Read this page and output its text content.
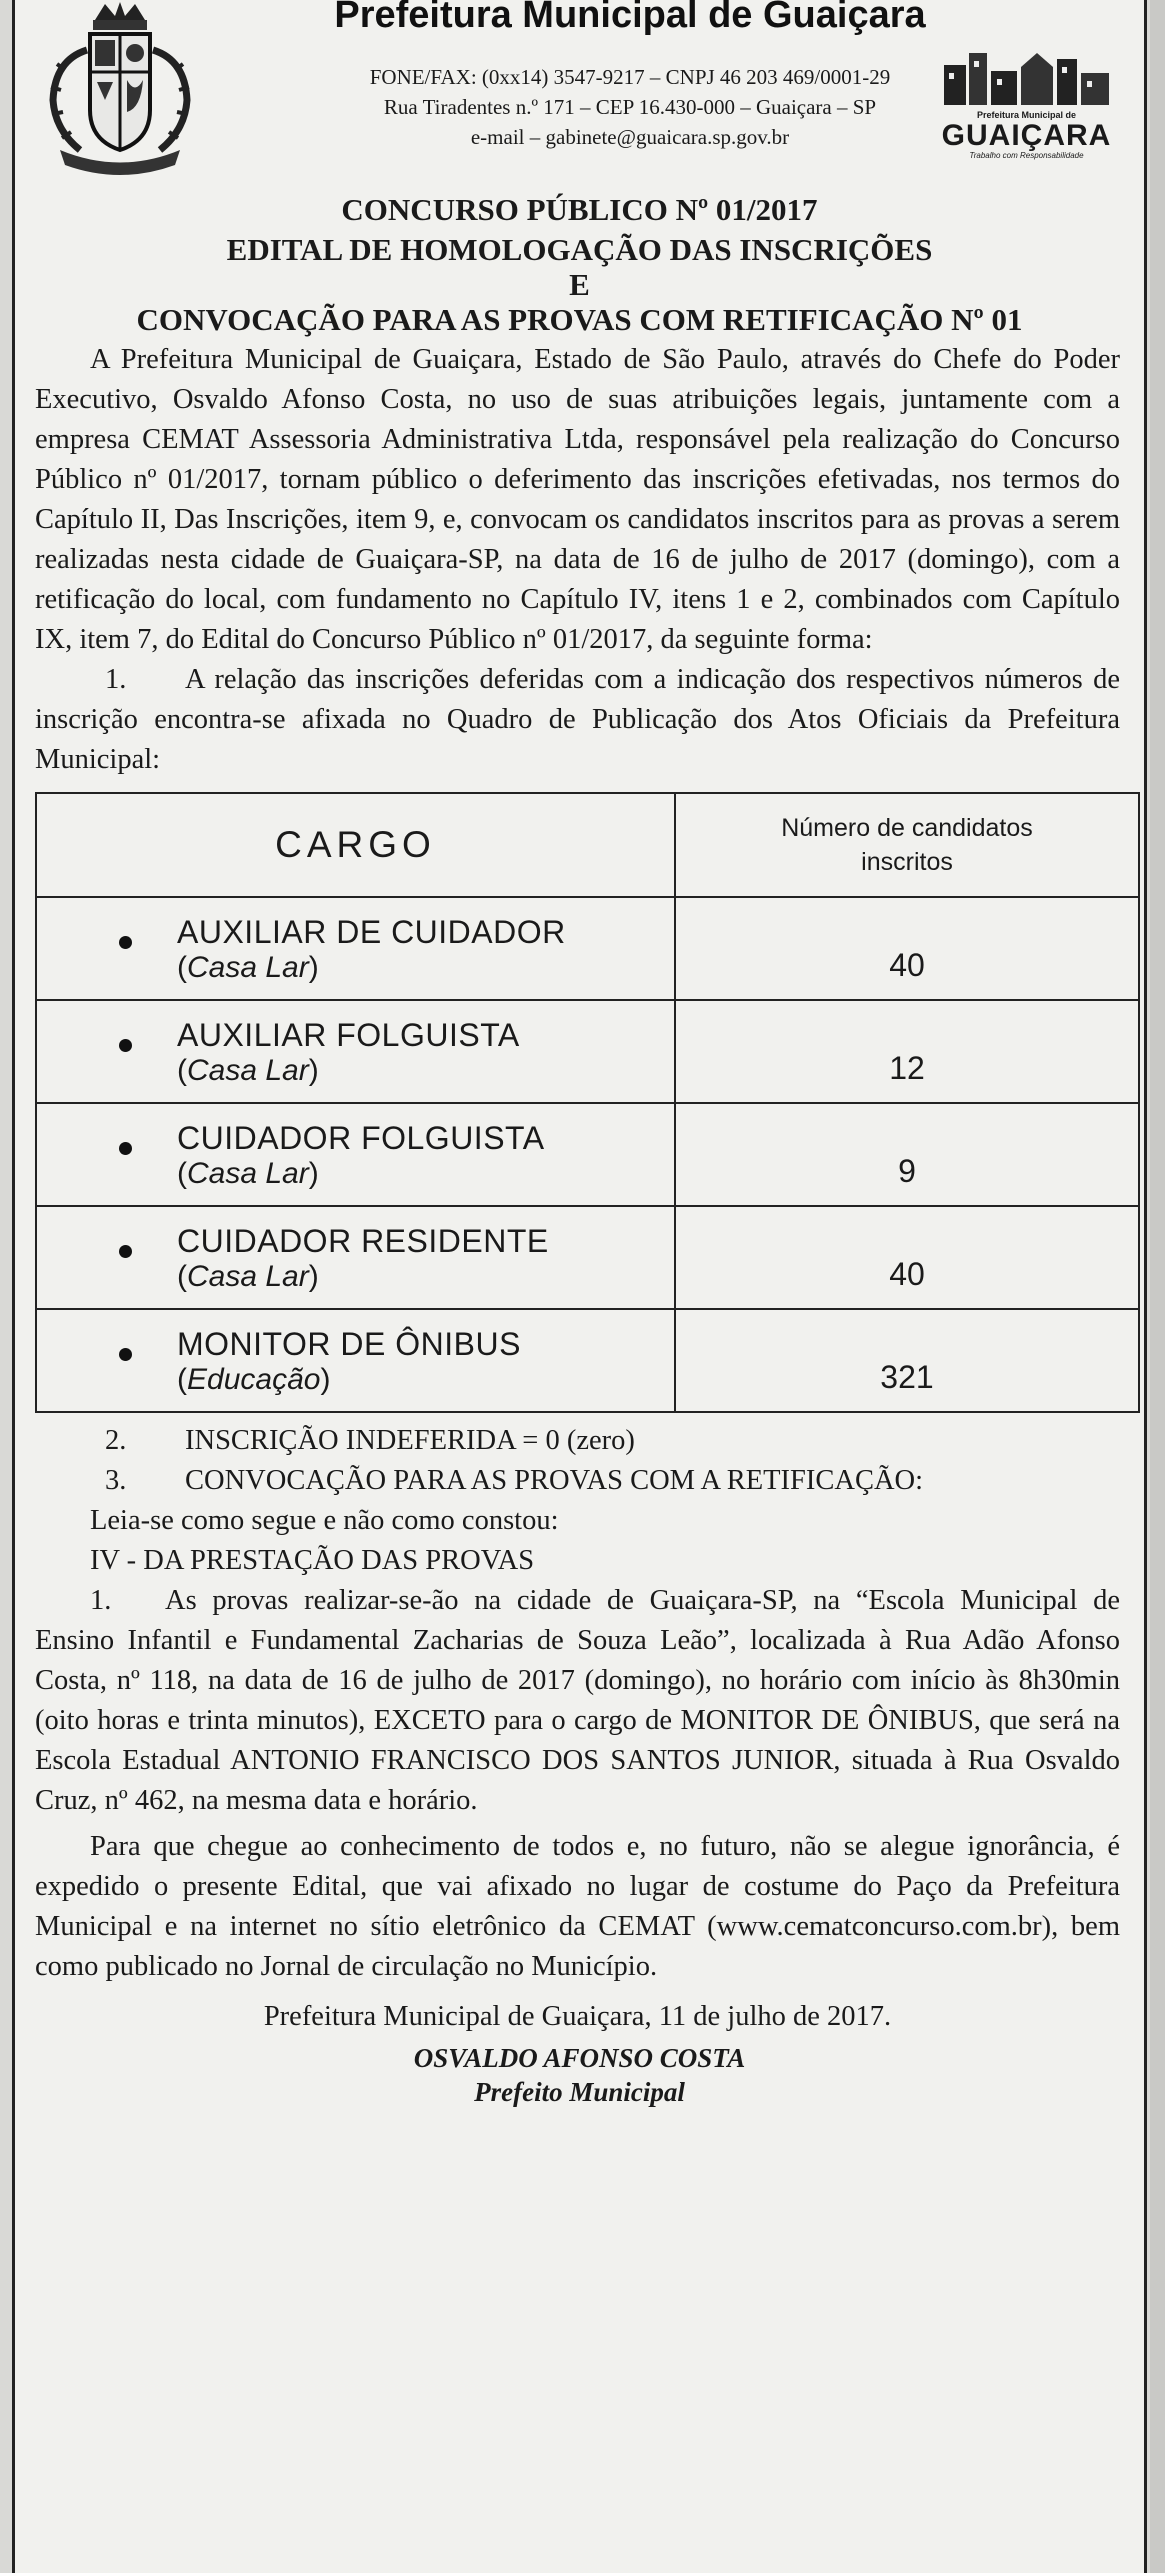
Prefeitura Municipal de Guaiçara
FONE/FAX: (0xx14) 3547-9217 – CNPJ 46 203 469/0001-29
Rua Tiradentes n.º 171 – CEP 16.430-000 – Guaiçara – SP
e-mail – gabinete@guaicara.sp.gov.br
Prefeitura Municipal de
GUAIÇARA
Trabalho com Responsabilidade
CONCURSO PÚBLICO Nº 01/2017
EDITAL DE HOMOLOGAÇÃO DAS INSCRIÇÕES
E
CONVOCAÇÃO PARA AS PROVAS COM RETIFICAÇÃO Nº 01

A Prefeitura Municipal de Guaiçara, Estado de São Paulo, através do Chefe do Poder Executivo, Osvaldo Afonso Costa, no uso de suas atribuições legais, juntamente com a empresa CEMAT Assessoria Administrativa Ltda, responsável pela realização do Concurso Público nº 01/2017, tornam público o deferimento das inscrições efetivadas, nos termos do Capítulo II, Das Inscrições, item 9, e, convocam os candidatos inscritos para as provas a serem realizadas nesta cidade de Guaiçara-SP, na data de 16 de julho de 2017 (domingo), com a retificação do local, com fundamento no Capítulo IV, itens 1 e 2, combinados com Capítulo IX, item 7, do Edital do Concurso Público nº 01/2017, da seguinte forma:

1. A relação das inscrições deferidas com a indicação dos respectivos números de inscrição encontra-se afixada no Quadro de Publicação dos Atos Oficiais da Prefeitura Municipal:

CARGO	Número de candidatos
inscritos

AUXILIAR DE CUIDADOR
(Casa Lar)	40

AUXILIAR FOLGUISTA
(Casa Lar)	12

CUIDADOR FOLGUISTA
(Casa Lar)	9

CUIDADOR RESIDENTE
(Casa Lar)	40

MONITOR DE ÔNIBUS
(Educação)	321

2. INSCRIÇÃO INDEFERIDA = 0 (zero)

3. CONVOCAÇÃO PARA AS PROVAS COM A RETIFICAÇÃO:

Leia-se como segue e não como constou:

IV - DA PRESTAÇÃO DAS PROVAS

1. As provas realizar-se-ão na cidade de Guaiçara-SP, na “Escola Municipal de Ensino Infantil e Fundamental Zacharias de Souza Leão”, localizada à Rua Adão Afonso Costa, nº 118, na data de 16 de julho de 2017 (domingo), no horário com início às 8h30min (oito horas e trinta minutos), EXCETO para o cargo de MONITOR DE ÔNIBUS, que será na Escola Estadual ANTONIO FRANCISCO DOS SANTOS JUNIOR, situada à Rua Osvaldo Cruz, nº 462, na mesma data e horário.

Para que chegue ao conhecimento de todos e, no futuro, não se alegue ignorância, é expedido o presente Edital, que vai afixado no lugar de costume do Paço da Prefeitura Municipal e na internet no sítio eletrônico da CEMAT (www.cematconcurso.com.br), bem como publicado no Jornal de circulação no Município.

Prefeitura Municipal de Guaiçara, 11 de julho de 2017.

OSVALDO AFONSO COSTA
Prefeito Municipal
